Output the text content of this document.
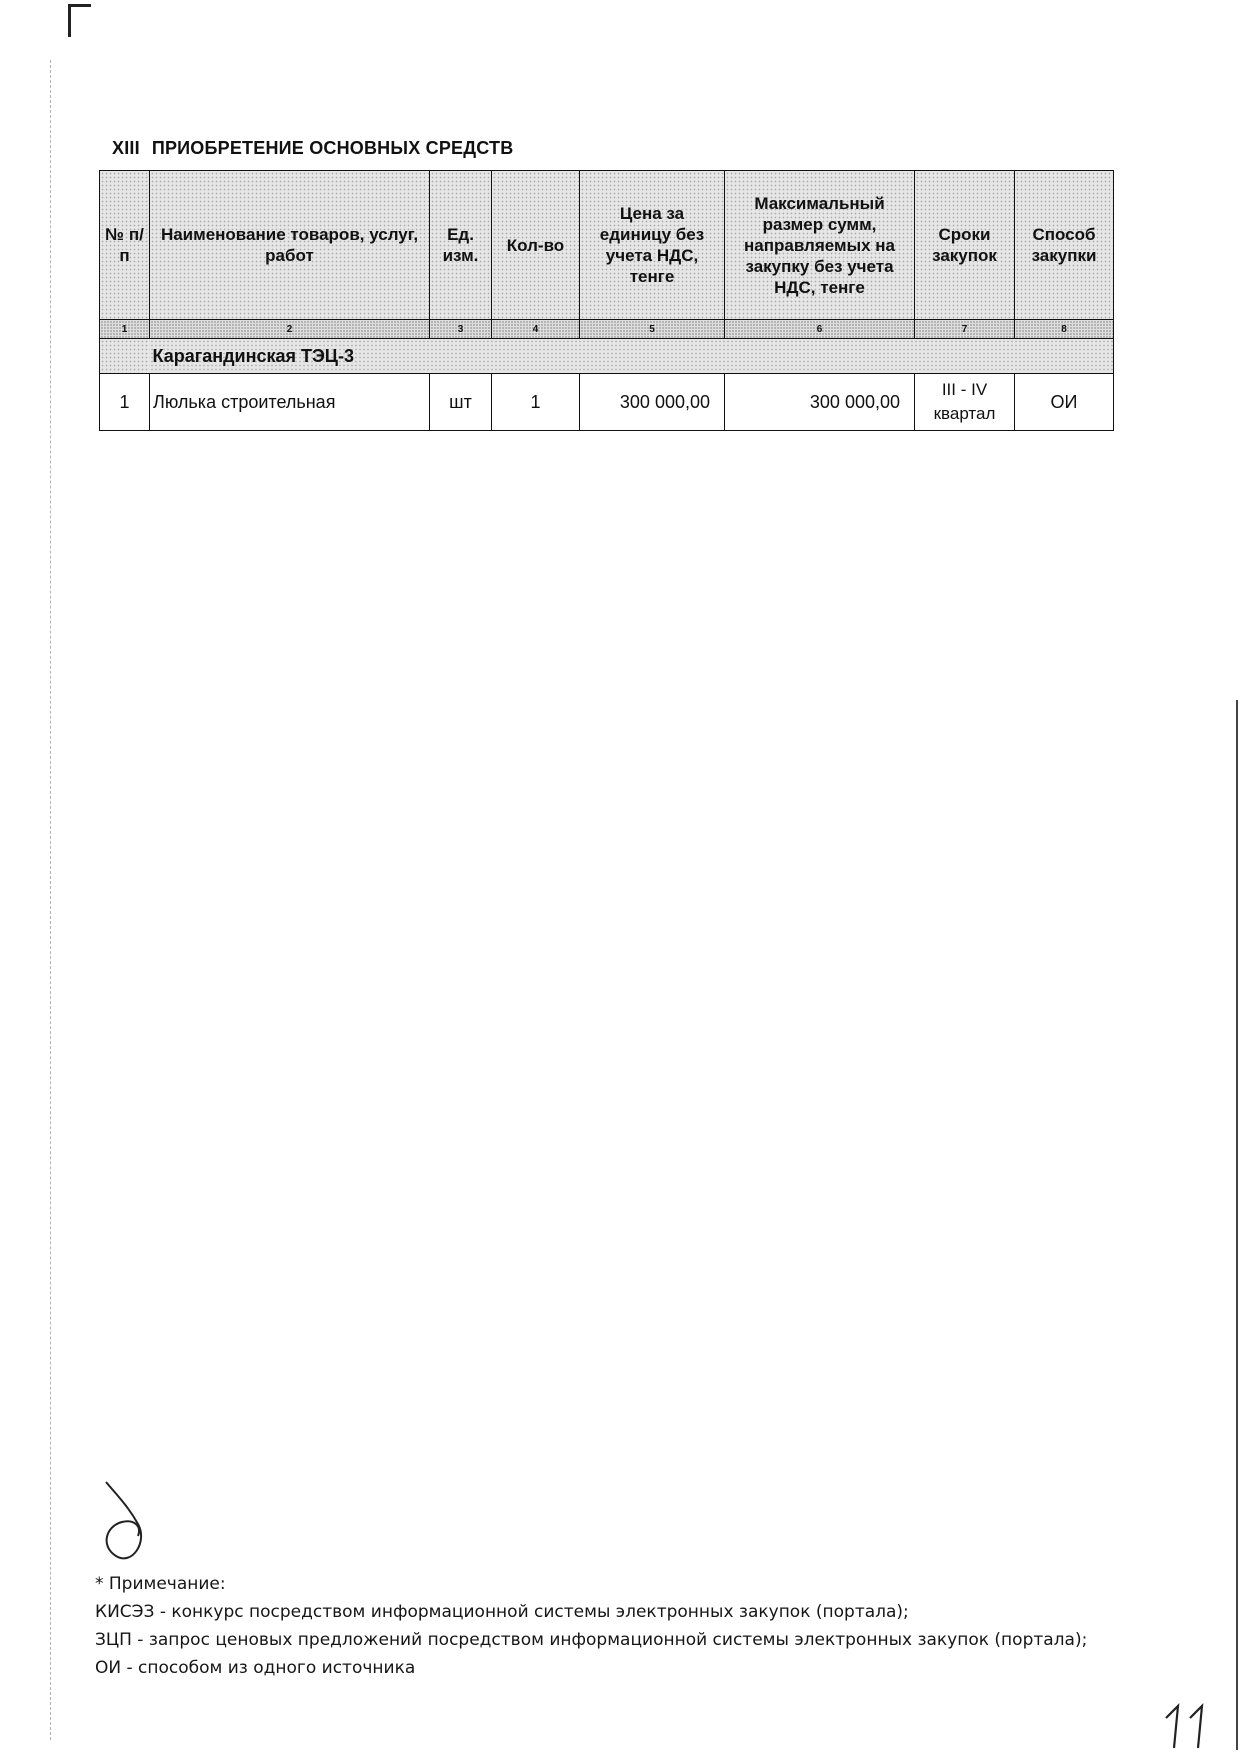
XIII ПРИОБРЕТЕНИЕ ОСНОВНЫХ СРЕДСТВ
№ п/п	Наименование товаров, услуг, работ	Ед. изм.	Кол-во	Цена за единицу без учета НДС, тенге	Максимальный размер сумм, направляемых на закупку без учета НДС, тенге	Сроки закупок	Способ закупки
1	2	3	4	5	6	7	8
	Карагандинская ТЭЦ-3						
1	Люлька строительная	шт	1	300 000,00	300 000,00	III - IV квартал	ОИ

* Примечание:

КИСЭЗ - конкурс посредством информационной системы электронных закупок (портала);

ЗЦП - запрос ценовых предложений посредством информационной системы электронных закупок (портала);

ОИ - способом из одного источника
